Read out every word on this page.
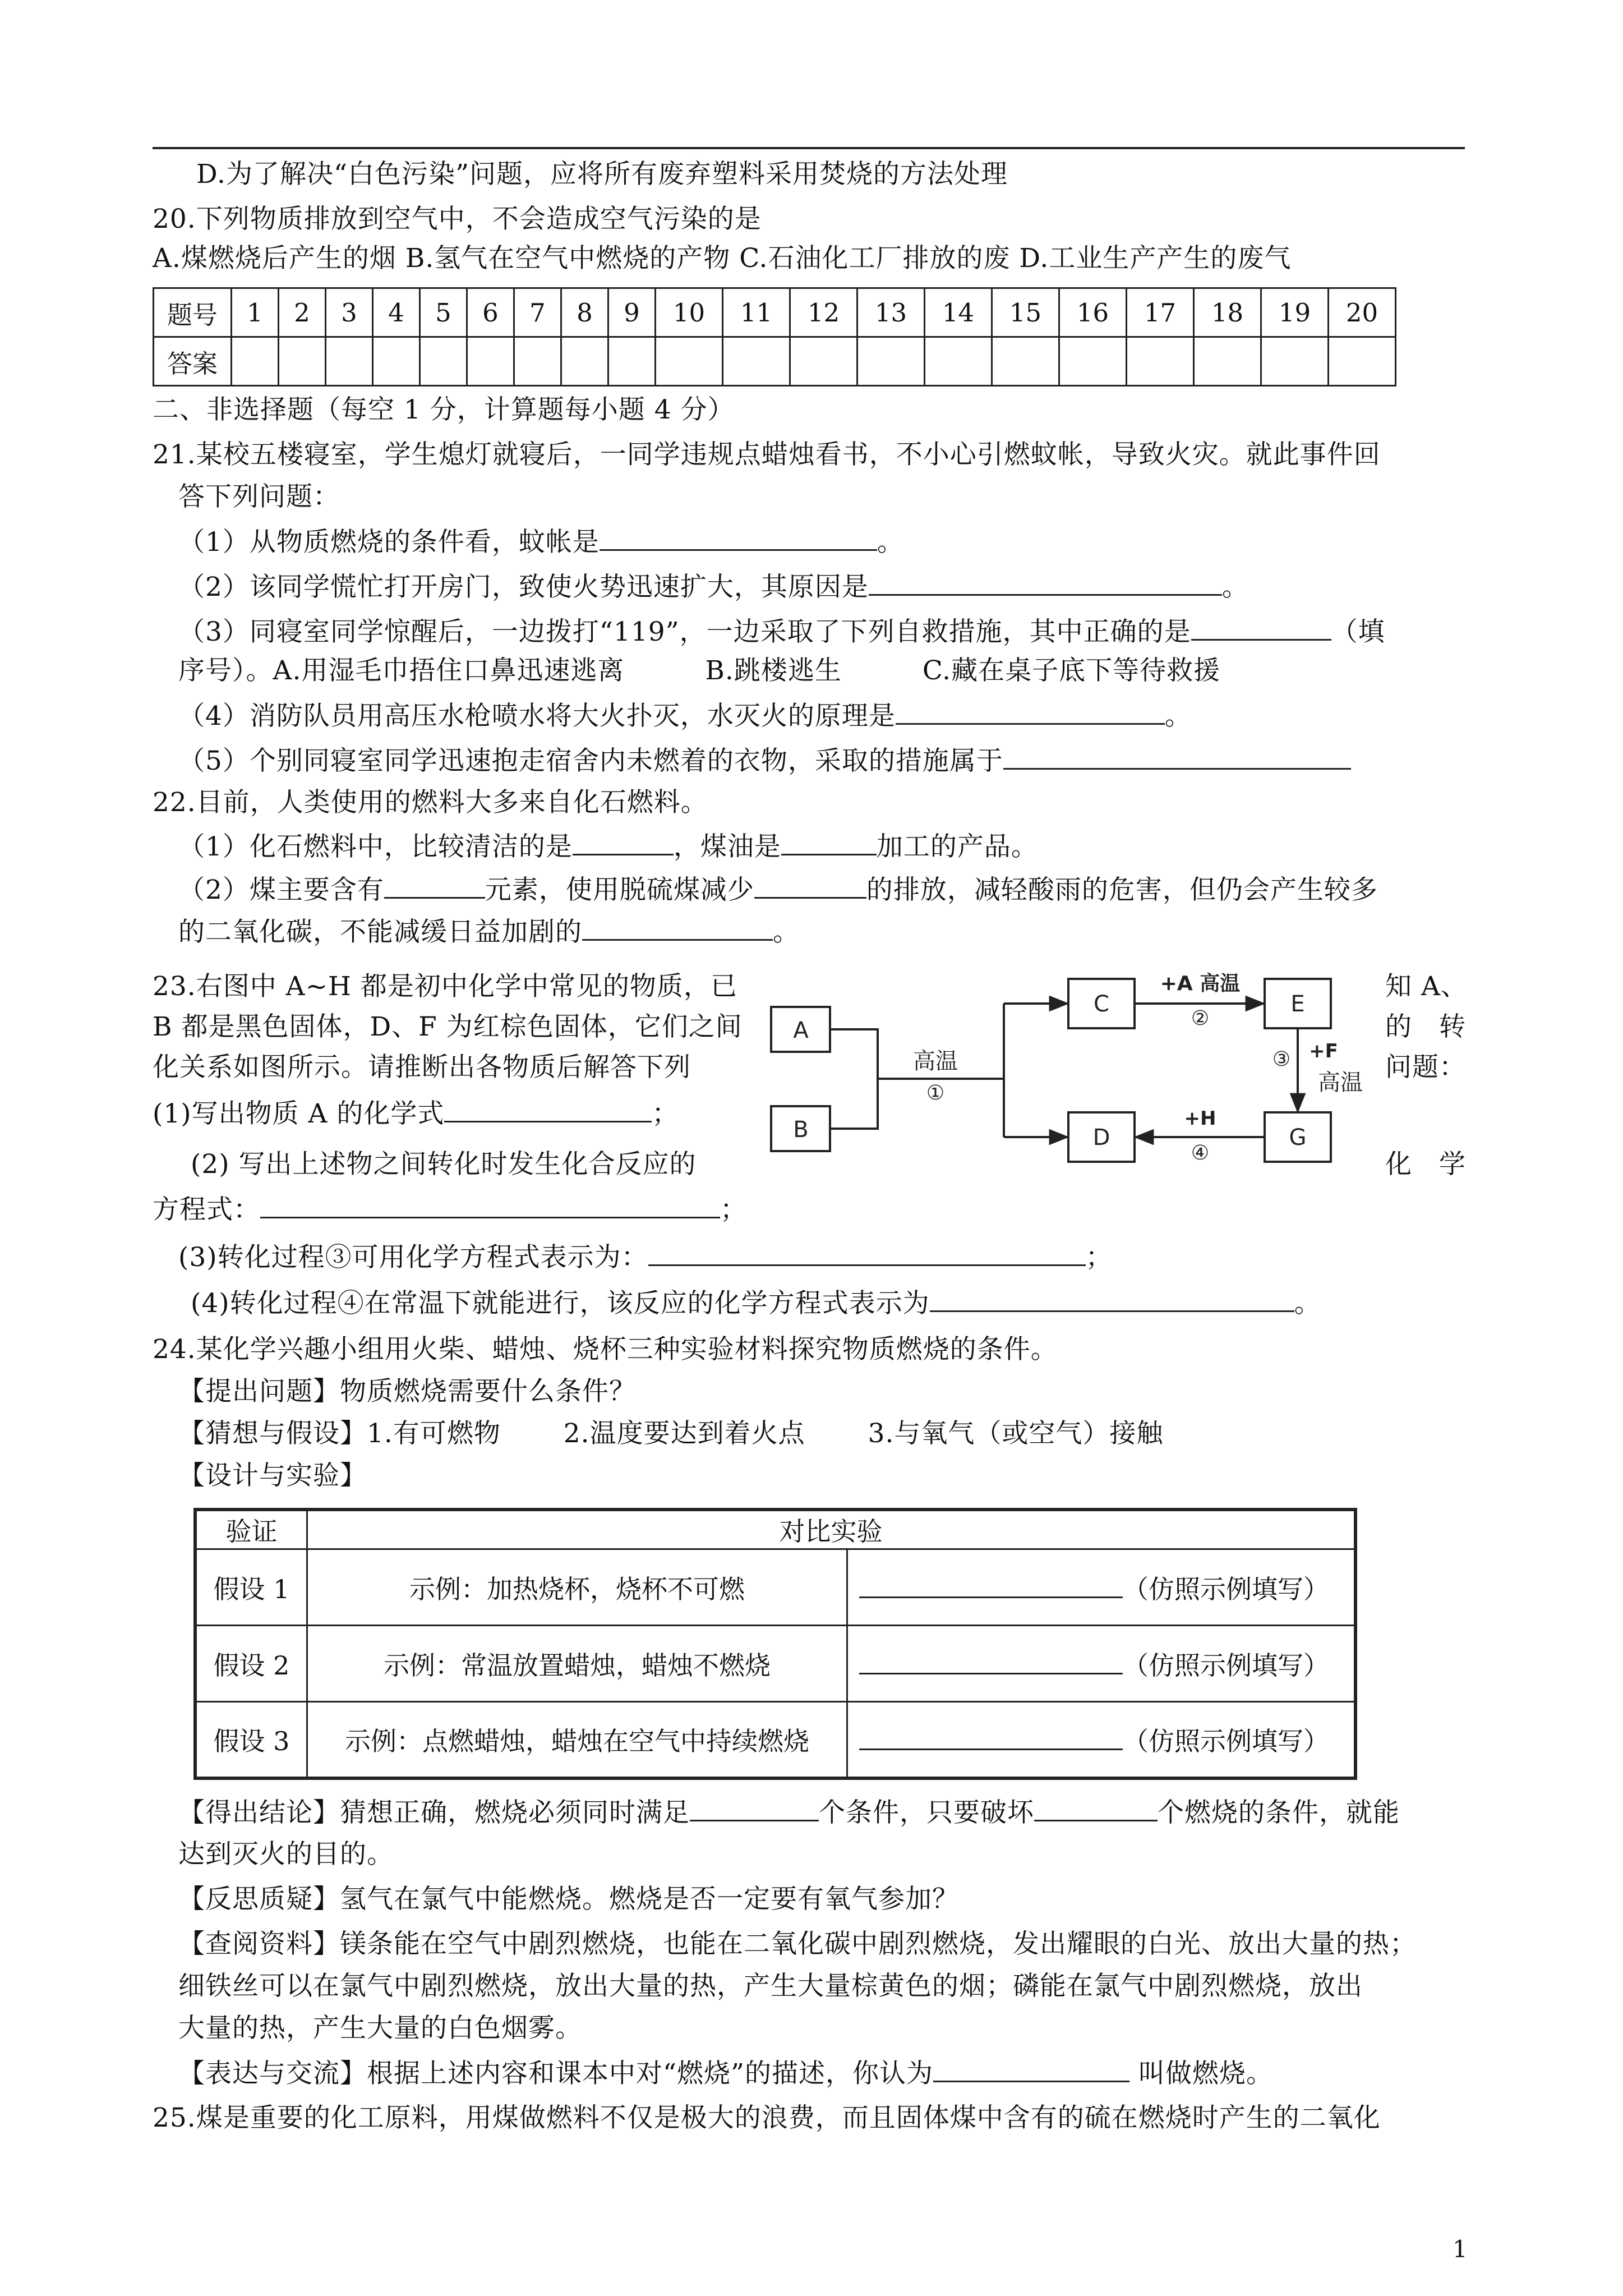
D.为了解决“白色污染”问题，应将所有废弃塑料采用焚烧的方法处理
20.下列物质排放到空气中，不会造成空气污染的是
A.煤燃烧后产生的烟 B.氢气在空气中燃烧的产物 C.石油化工厂排放的废 D.工业生产产生的废气
题号	1	2	3	4	5	6	7	8	9	10	11	12	13	14	15	16	17	18	19	20
答案																				
二、非选择题（每空 1 分，计算题每小题 4 分）
21.某校五楼寝室，学生熄灯就寝后，一同学违规点蜡烛看书，不小心引燃蚊帐，导致火灾。就此事件回
答下列问题：
（1）从物质燃烧的条件看，蚊帐是	。
（2）该同学慌忙打开房门，致使火势迅速扩大，其原因是	。
（3）同寝室同学惊醒后，一边拨打“119”，一边采取了下列自救措施，其中正确的是	（填
序号）。A.用湿毛巾捂住口鼻迅速逃离　　　B.跳楼逃生　　　C.藏在桌子底下等待救援
（4）消防队员用高压水枪喷水将大火扑灭，水灭火的原理是	。
（5）个别同寝室同学迅速抱走宿舍内未燃着的衣物，采取的措施属于
22.目前，人类使用的燃料大多来自化石燃料。
（1）化石燃料中，比较清洁的是	，煤油是	加工的产品。
（2）煤主要含有	元素，使用脱硫煤减少	的排放，减轻酸雨的危害，但仍会产生较多
的二氧化碳，不能减缓日益加剧的	。
23.右图中 A~H 都是初中化学中常见的物质，已	知 A、
B 都是黑色固体，D、F 为红棕色固体，它们之间	的　转
化关系如图所示。请推断出各物质后解答下列	问题：
(1)写出物质 A 的化学式	；
(2) 写出上述物之间转化时发生化合反应的	化　学
方程式：	；
(3)转化过程③可用化学方程式表示为：	；
(4)转化过程④在常温下就能进行，该反应的化学方程式表示为	。
A
B
C	E
D	G
高温
①
+A 高温
②
③ +F
高温
+H
④
24.某化学兴趣小组用火柴、蜡烛、烧杯三种实验材料探究物质燃烧的条件。
【提出问题】物质燃烧需要什么条件？
【猜想与假设】1.有可燃物　　 2.温度要达到着火点　　 3.与氧气（或空气）接触
【设计与实验】
验证	对比实验	
假设 1	示例：加热烧杯，烧杯不可燃	（仿照示例填写）
假设 2	示例：常温放置蜡烛，蜡烛不燃烧	（仿照示例填写）
假设 3	示例：点燃蜡烛，蜡烛在空气中持续燃烧	（仿照示例填写）
【得出结论】猜想正确，燃烧必须同时满足	个条件，只要破坏	个燃烧的条件，就能
达到灭火的目的。
【反思质疑】氢气在氯气中能燃烧。燃烧是否一定要有氧气参加？
【查阅资料】镁条能在空气中剧烈燃烧，也能在二氧化碳中剧烈燃烧，发出耀眼的白光、放出大量的热；
细铁丝可以在氯气中剧烈燃烧，放出大量的热，产生大量棕黄色的烟；磷能在氯气中剧烈燃烧，放出
大量的热，产生大量的白色烟雾。
【表达与交流】根据上述内容和课本中对“燃烧”的描述，你认为	叫做燃烧。
25.煤是重要的化工原料，用煤做燃料不仅是极大的浪费，而且固体煤中含有的硫在燃烧时产生的二氧化
1
